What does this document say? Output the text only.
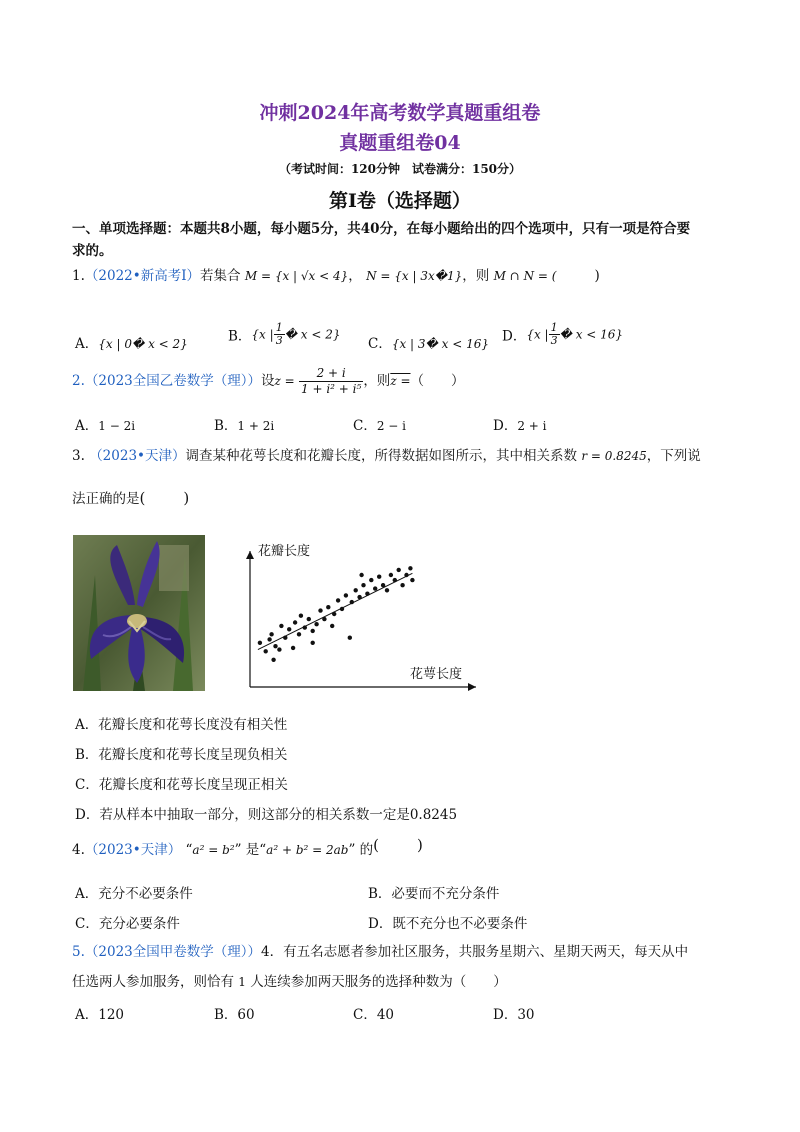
冲刺2024年高考数学真题重组卷
真题重组卷04
（考试时间：120分钟　试卷满分：150分）
第I卷（选择题）
一、单项选择题：本题共8小题，每小题5分，共40分，在每小题给出的四个选项中，只有一项是符合要
求的。
1.（2022•新高考Ⅰ）若集合 M = {x | √x < 4}， N = {x | 3x�1}，则 M ∩ N = (	)
A．{x | 0� x < 2}	B．{x | $\frac{1}{3}$ � x < 2}
C．{x | 3� x < 16} D．{x | $\frac{1}{3}$ � x < 16}
2.（2023全国乙卷数学（理））设$z = \frac{2 + i}{\text{1 + i² + i⁵}}$ ，则z =（　　）
A．1 − 2i	B．1 + 2i	C．2 − i	D．2 + i
3. （2023•天津）调查某种花萼长度和花瓣长度，所得数据如图所示，其中相关系数 r = 0.8245，下列说
法正确的是(	)
花瓣长度
花萼长度
A．花瓣长度和花萼长度没有相关性
B．花瓣长度和花萼长度呈现负相关
C．花瓣长度和花萼长度呈现正相关
D．若从样本中抽取一部分，则这部分的相关系数一定是0.8245
4.（2023•天津） “a² = b²” 是“a² + b² = 2ab” 的(	)
A．充分不必要条件	B．必要而不充分条件
C．充分必要条件	D．既不充分也不必要条件
5.（2023全国甲卷数学（理））4．有五名志愿者参加社区服务，共服务星期六、星期天两天，每天从中
任选两人参加服务，则恰有 1 人连续参加两天服务的选择种数为（　　）
A．120	B．60	C．40	D．30
